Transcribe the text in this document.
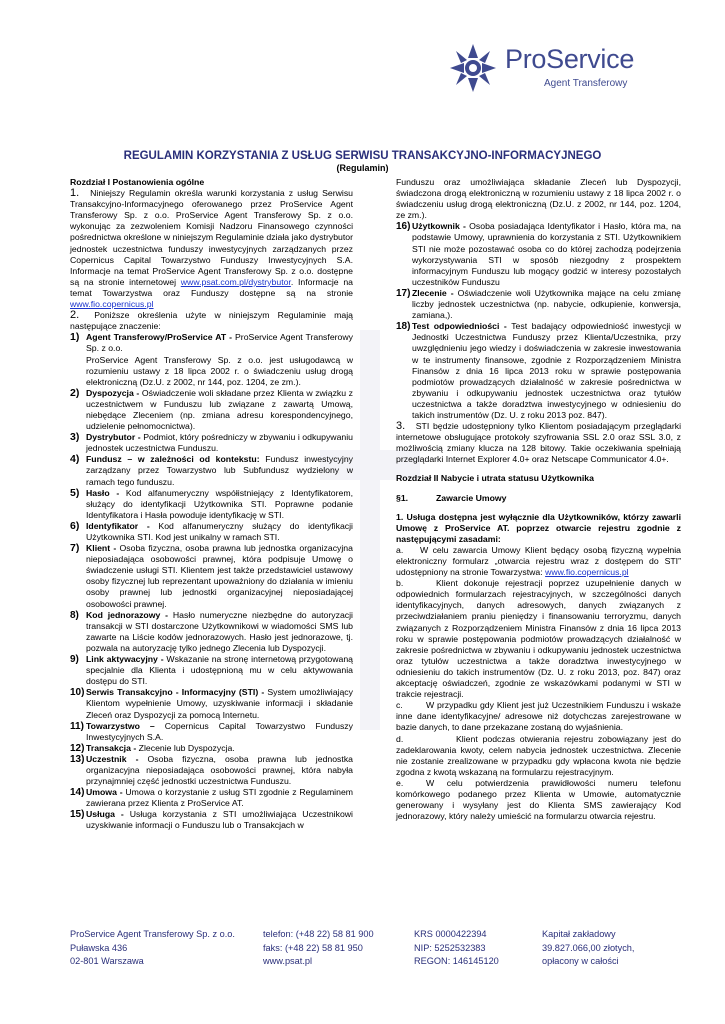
ProService
Agent Transferowy
REGULAMIN KORZYSTANIA Z USŁUG SERWISU TRANSAKCYJNO-INFORMACYJNEGO
(Regulamin)

Rozdział I Postanowienia ogólne

1. Niniejszy Regulamin określa warunki korzystania z usług Serwisu Transakcyjno-Informacyjnego oferowanego przez ProService Agent Transferowy Sp. z o.o. ProService Agent Transferowy Sp. z o.o. wykonując za zezwoleniem Komisji Nadzoru Finansowego czynności pośrednictwa określone w niniejszym Regulaminie działa jako dystrybutor jednostek uczestnictwa funduszy inwestycyjnych zarządzanych przez Copernicus Capital Towarzystwo Funduszy Inwestycyjnych S.A. Informacje na temat ProService Agent Transferowy Sp. z o.o. dostępne są na stronie internetowej www.psat.com.pl/dystrybutor. Informacje na temat Towarzystwa oraz Funduszy dostępne są na stronie www.fio.copernicus.pl

2. Poniższe określenia użyte w niniejszym Regulaminie mają następujące znaczenie:

1) Agent Transferowy/ProService AT - ProService Agent Transferowy Sp. z o.o.
ProService Agent Transferowy Sp. z o.o. jest usługodawcą w rozumieniu ustawy z 18 lipca 2002 r. o świadczeniu usług drogą elektroniczną (Dz.U. z 2002, nr 144, poz. 1204, ze zm.).
2) Dyspozycja - Oświadczenie woli składane przez Klienta w związku z uczestnictwem w Funduszu lub związane z zawartą Umową, niebędące Zleceniem (np. zmiana adresu korespondencyjnego, udzielenie pełnomocnictwa).
3) Dystrybutor - Podmiot, który pośredniczy w zbywaniu i odkupywaniu jednostek uczestnictwa Funduszu.
4) Fundusz – w zależności od kontekstu: Fundusz inwestycyjny zarządzany przez Towarzystwo lub Subfundusz wydzielony w ramach tego funduszu.
5) Hasło - Kod alfanumeryczny współistniejący z Identyfikatorem, służący do identyfikacji Użytkownika STI. Poprawne podanie Identyfikatora i Hasła powoduje identyfikację w STI.
6) Identyfikator - Kod alfanumeryczny służący do identyfikacji Użytkownika STI. Kod jest unikalny w ramach STI.
7) Klient - Osoba fizyczna, osoba prawna lub jednostka organizacyjna nieposiadająca osobowości prawnej, która podpisuje Umowę o świadczenie usługi STI. Klientem jest także przedstawiciel ustawowy osoby fizycznej lub reprezentant upoważniony do działania w imieniu osoby prawnej lub jednostki organizacyjnej nieposiadającej osobowości prawnej.
8) Kod jednorazowy - Hasło numeryczne niezbędne do autoryzacji transakcji w STI dostarczone Użytkownikowi w wiadomości SMS lub zawarte na Liście kodów jednorazowych. Hasło jest jednorazowe, tj. pozwala na autoryzację tylko jednego Zlecenia lub Dyspozycji.
9) Link aktywacyjny - Wskazanie na stronę internetową przygotowaną specjalnie dla Klienta i udostępnioną mu w celu aktywowania dostępu do STI.
10) Serwis Transakcyjno - Informacyjny (STI) - System umożliwiający Klientom wypełnienie Umowy, uzyskiwanie informacji i składanie Zleceń oraz Dyspozycji za pomocą Internetu.
11) Towarzystwo – Copernicus Capital Towarzystwo Funduszy Inwestycyjnych S.A.
12) Transakcja - Zlecenie lub Dyspozycja.
13) Uczestnik - Osoba fizyczna, osoba prawna lub jednostka organizacyjna nieposiadająca osobowości prawnej, która nabyła przynajmniej część jednostki uczestnictwa Funduszu.
14) Umowa - Umowa o korzystanie z usług STI zgodnie z Regulaminem zawierana przez Klienta z ProService AT.
15) Usługa - Usługa korzystania z STI umożliwiająca Uczestnikowi uzyskiwanie informacji o Funduszu lub o Transakcjach w

Funduszu oraz umożliwiająca składanie Zleceń lub Dyspozycji, świadczona drogą elektroniczną w rozumieniu ustawy z 18 lipca 2002 r. o świadczeniu usług drogą elektroniczną (Dz.U. z 2002, nr 144, poz. 1204, ze zm.).

16) Użytkownik - Osoba posiadająca Identyfikator i Hasło, która ma, na podstawie Umowy, uprawnienia do korzystania z STI. Użytkownikiem STI nie może pozostawać osoba co do której zachodzą podejrzenia wykorzystywania STI w sposób niezgodny z prospektem informacyjnym Funduszu lub mogący godzić w interesy pozostałych uczestników Funduszu
17) Zlecenie - Oświadczenie woli Użytkownika mające na celu zmianę liczby jednostek uczestnictwa (np. nabycie, odkupienie, konwersja, zamiana,).
18) Test odpowiedniości - Test badający odpowiedniość inwestycji w Jednostki Uczestnictwa Funduszy przez Klienta/Uczestnika, przy uwzględnieniu jego wiedzy i doświadczenia w zakresie inwestowania w te instrumenty finansowe, zgodnie z Rozporządzeniem Ministra Finansów z dnia 16 lipca 2013 roku w sprawie postępowania podmiotów prowadzących działalność w zakresie pośrednictwa w zbywaniu i odkupywaniu jednostek uczestnictwa oraz tytułów uczestnictwa a także doradztwa inwestycyjnego w odniesieniu do takich instrumentów (Dz. U. z roku 2013 poz. 847).

3. STI będzie udostępniony tylko Klientom posiadającym przeglądarki internetowe obsługujące protokoły szyfrowania SSL 2.0 oraz SSL 3.0, z możliwością zmiany klucza na 128 bitowy. Takie oczekiwania spełniają przeglądarki Internet Explorer 4.0+ oraz Netscape Communicator 4.0+.

Rozdział II Nabycie i utrata statusu Użytkownika

§1.	Zawarcie Umowy

1. Usługa dostępna jest wyłącznie dla Użytkowników, którzy zawarli Umowę z ProService AT. poprzez otwarcie rejestru zgodnie z następującymi zasadami:

a. W celu zawarcia Umowy Klient będący osobą fizyczną wypełnia elektroniczny formularz „otwarcia rejestru wraz z dostępem do STI” udostępniony na stronie Towarzystwa: www.fio.copernicus.pl

b.	Klient dokonuje rejestracji poprzez uzupełnienie danych w odpowiednich formularzach rejestracyjnych, w szczególności danych identyfikacyjnych, danych adresowych, danych związanych z przeciwdziałaniem praniu pieniędzy i finansowaniu terroryzmu, danych związanych z Rozporządzeniem Ministra Finansów z dnia 16 lipca 2013 roku w sprawie postępowania podmiotów prowadzących działalność w zakresie pośrednictwa w zbywaniu i odkupywaniu jednostek uczestnictwa oraz tytułów uczestnictwa a także doradztwa inwestycyjnego w odniesieniu do takich instrumentów (Dz. U. z roku 2013, poz. 847) oraz akceptację oświadczeń, zgodnie ze wskazówkami podanymi w STI w trakcie rejestracji.

c.	W przypadku gdy Klient jest już Uczestnikiem Funduszu i wskaże inne dane identyfikacyjne/ adresowe niż dotychczas zarejestrowane w bazie danych, to dane przekazane zostaną do wyjaśnienia.

d.	Klient podczas otwierania rejestru zobowiązany jest do zadeklarowania kwoty, celem nabycia jednostek uczestnictwa. Zlecenie nie zostanie zrealizowane w przypadku gdy wpłacona kwota nie będzie zgodna z kwotą wskazaną na formularzu rejestracyjnym.

e.	W celu potwierdzenia prawidłowości numeru telefonu komórkowego podanego przez Klienta w Umowie, automatycznie generowany i wysyłany jest do Klienta SMS zawierający Kod jednorazowy, który należy umieścić na formularzu otwarcia rejestru.

ProService Agent Transferowy Sp. z o.o.
Puławska 436
02-801 Warszawa
telefon: (+48 22) 58 81 900
faks: (+48 22) 58 81 950
www.psat.pl
KRS 0000422394
NIP: 5252532383
REGON: 146145120
Kapitał zakładowy
39.827.066,00 złotych,
opłacony w całości
